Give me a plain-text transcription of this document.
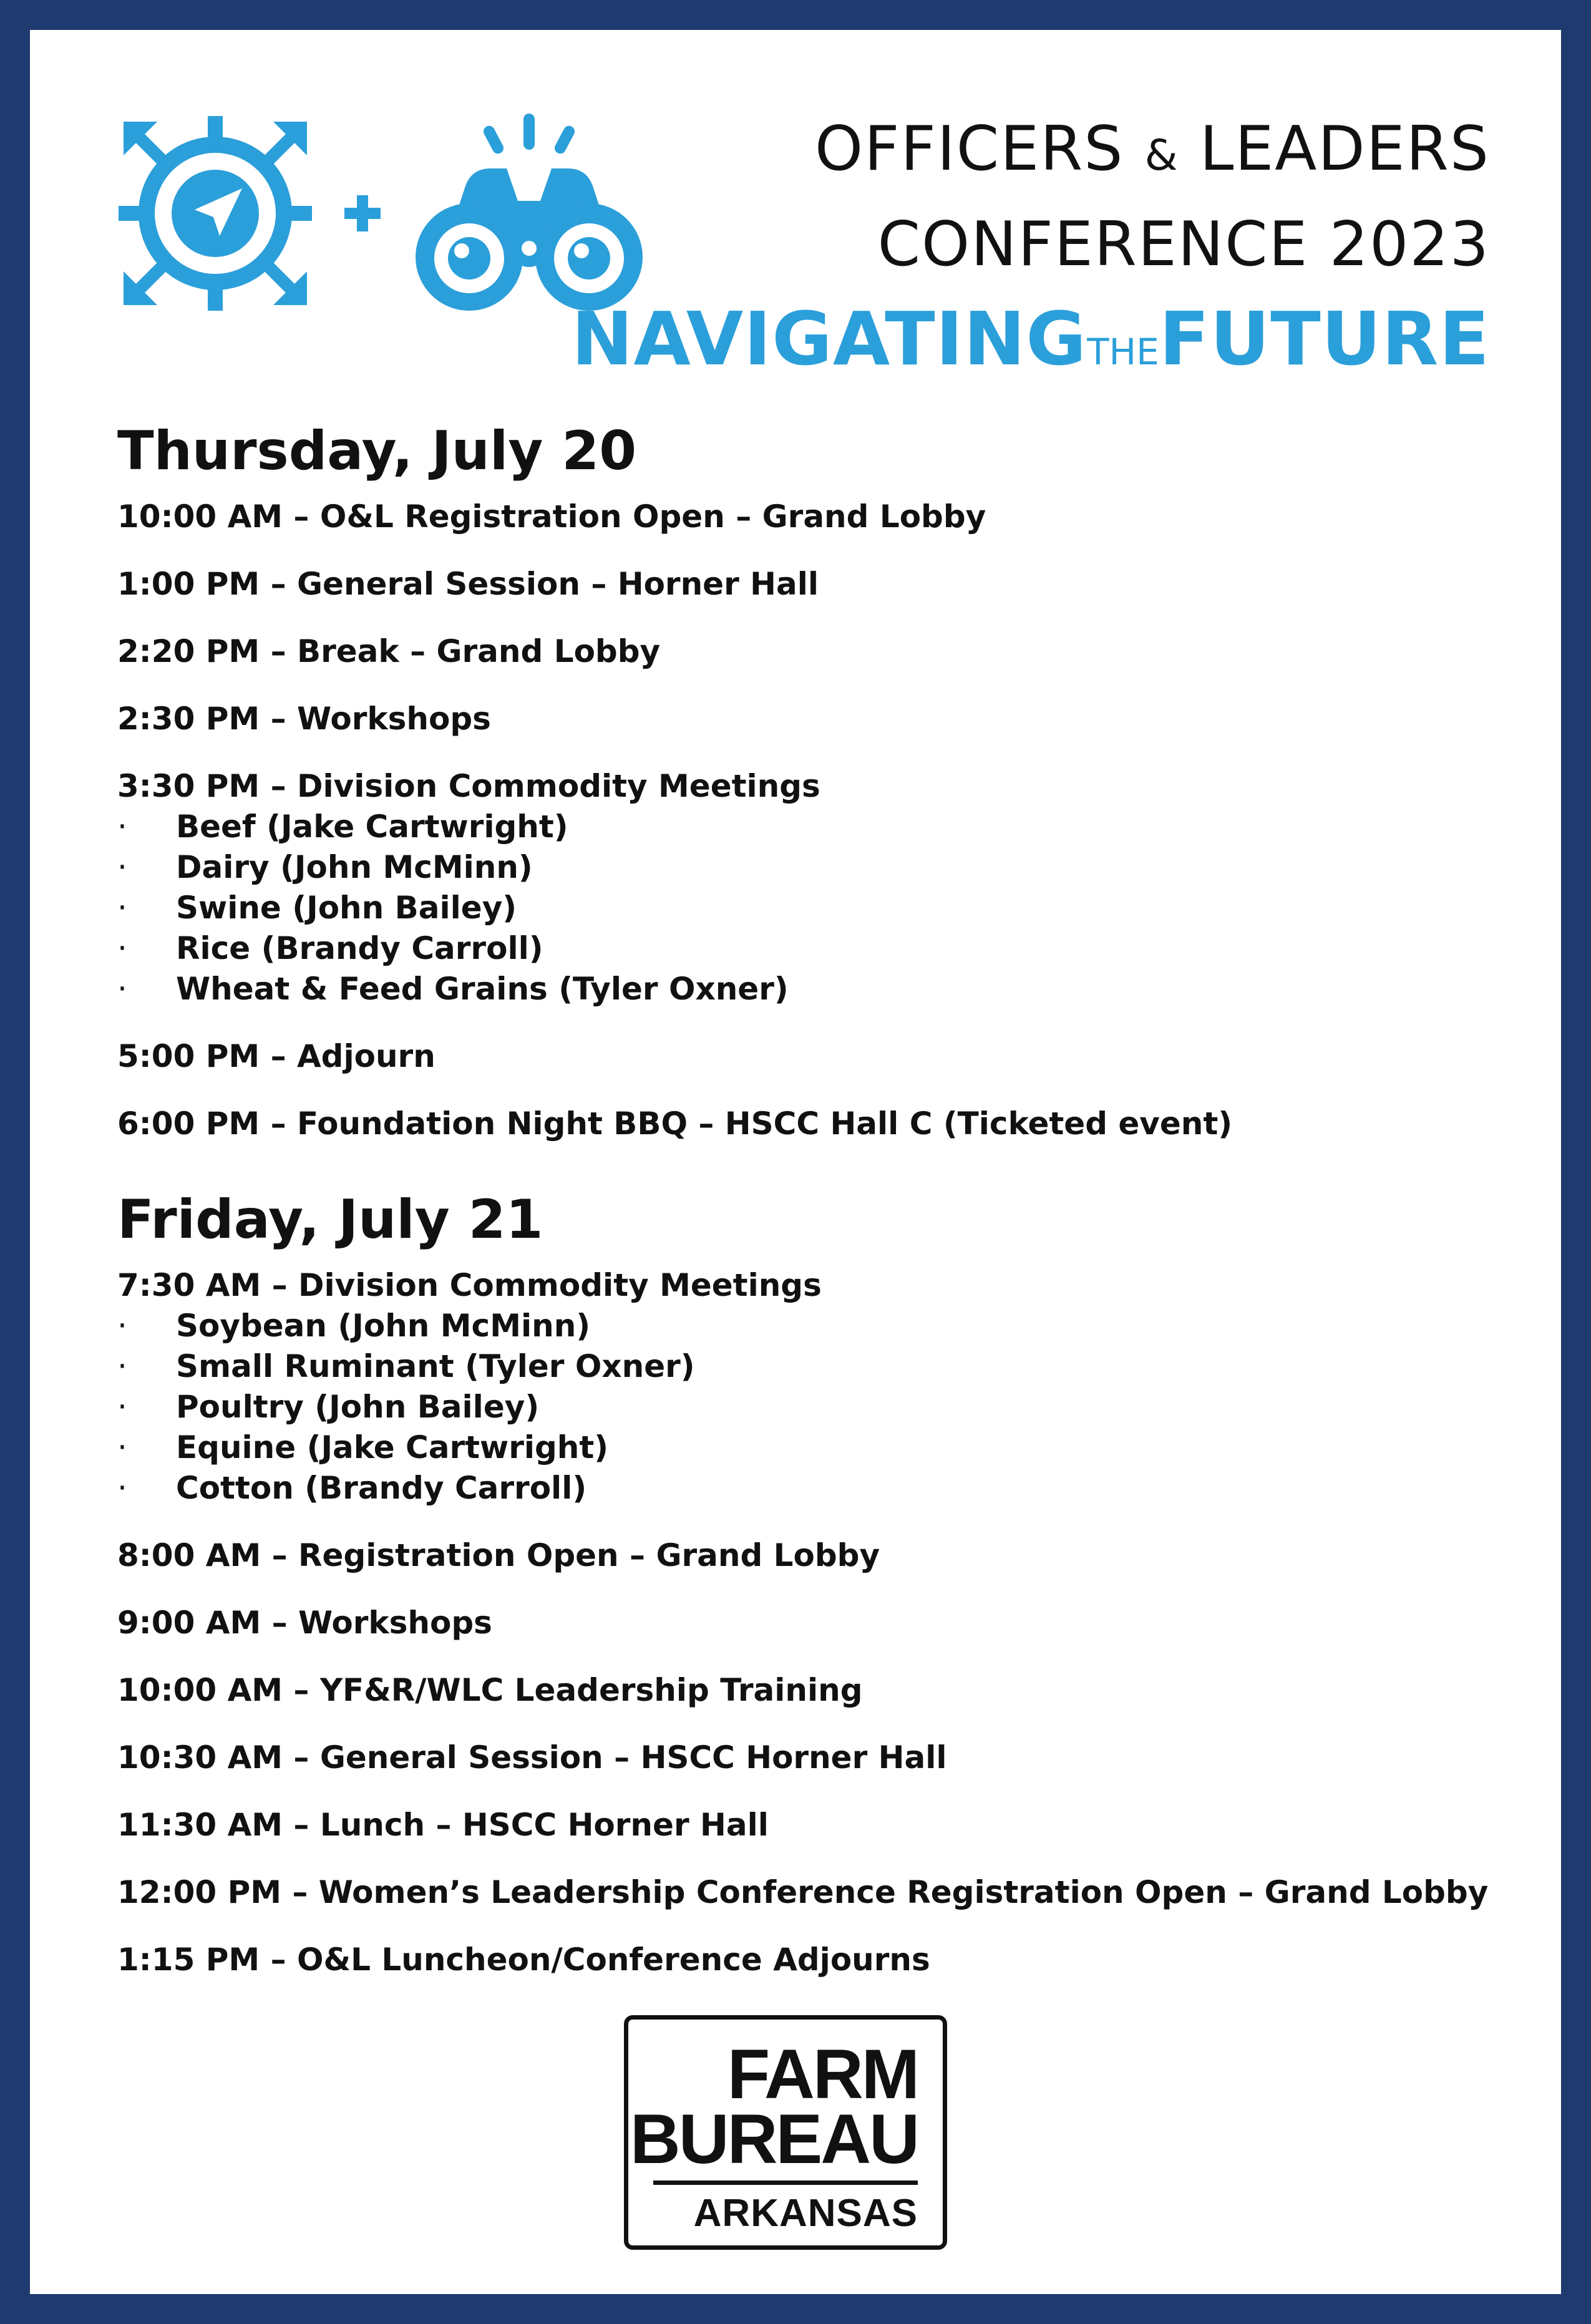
OFFICERS & LEADERS
CONFERENCE 2023
NAVIGATINGTHEFUTURE
Thursday, July 20
10:00 AM – O&L Registration Open – Grand Lobby
1:00 PM – General Session – Horner Hall
2:20 PM – Break – Grand Lobby
2:30 PM – Workshops
3:30 PM – Division Commodity Meetings
· Beef (Jake Cartwright)
· Dairy (John McMinn)
· Swine (John Bailey)
· Rice (Brandy Carroll)
· Wheat & Feed Grains (Tyler Oxner)
5:00 PM – Adjourn
6:00 PM – Foundation Night BBQ – HSCC Hall C (Ticketed event)
Friday, July 21
7:30 AM – Division Commodity Meetings
· Soybean (John McMinn)
· Small Ruminant (Tyler Oxner)
· Poultry (John Bailey)
· Equine (Jake Cartwright)
· Cotton (Brandy Carroll)
8:00 AM – Registration Open – Grand Lobby
9:00 AM – Workshops
10:00 AM – YF&R/WLC Leadership Training
10:30 AM – General Session – HSCC Horner Hall
11:30 AM – Lunch – HSCC Horner Hall
12:00 PM – Women’s Leadership Conference Registration Open – Grand Lobby
1:15 PM – O&L Luncheon/Conference Adjourns
FARM
BUREAU
ARKANSAS
